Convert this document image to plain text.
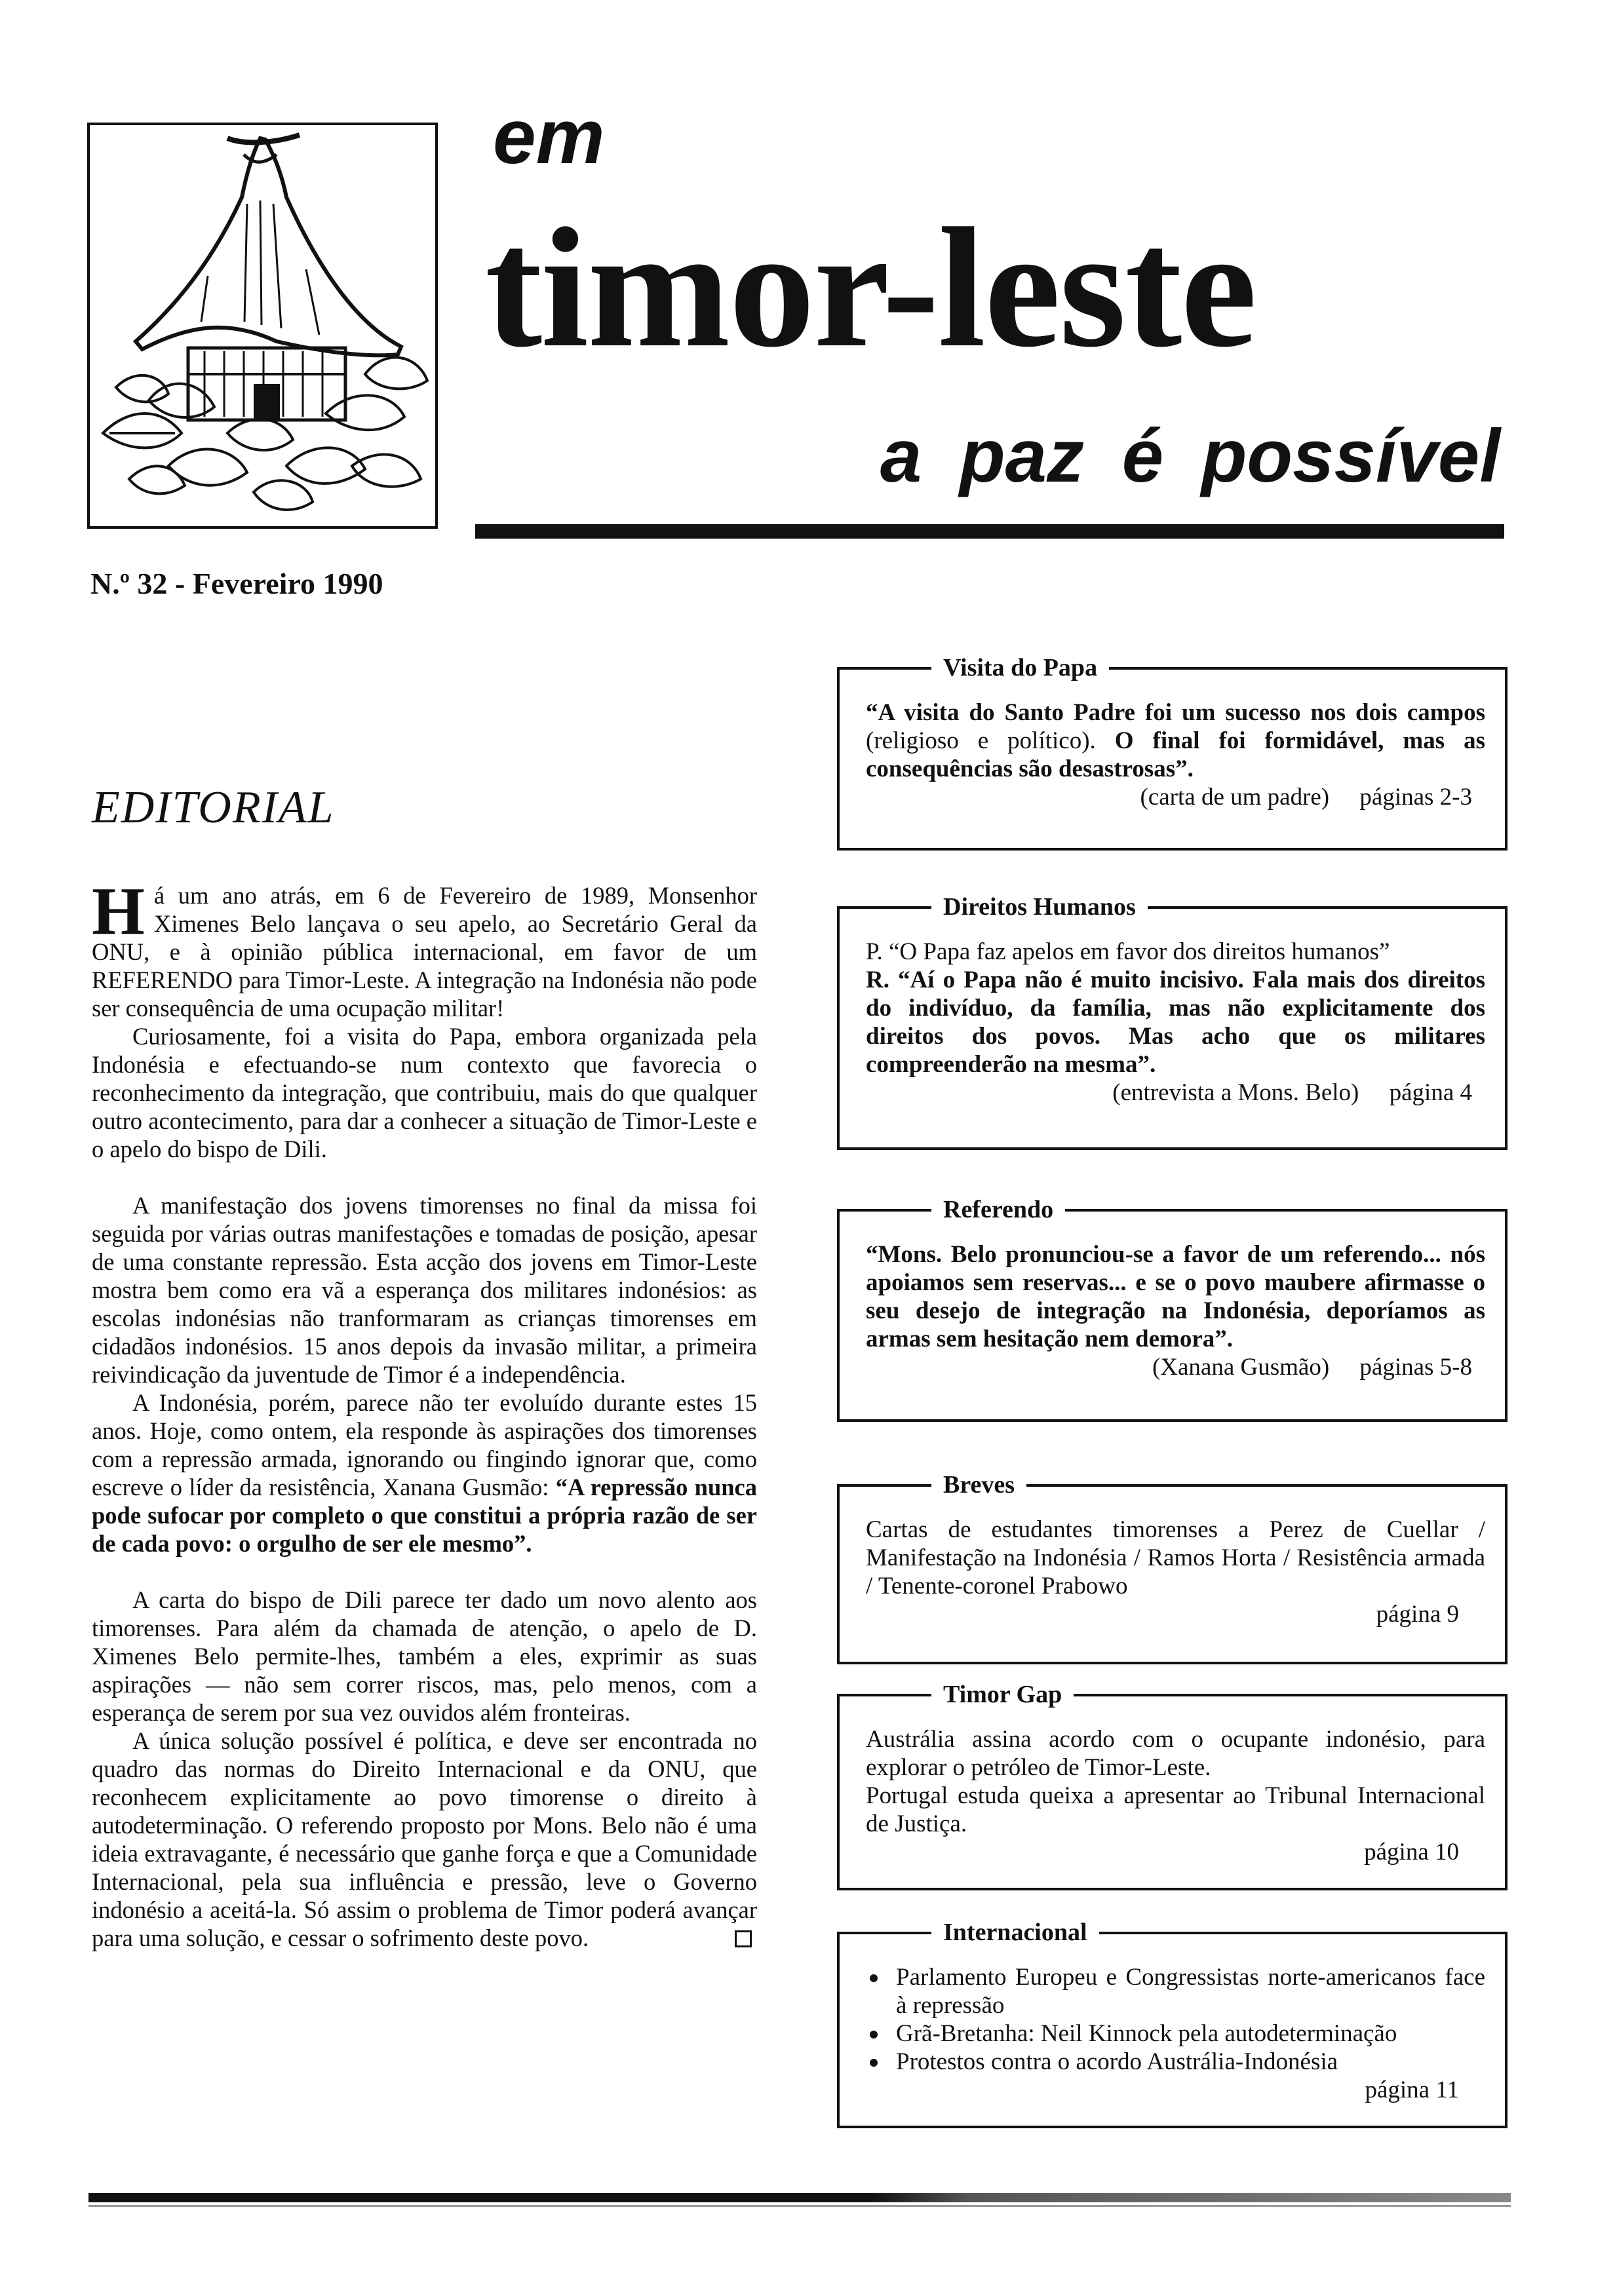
em
timor-leste
a paz é possível
N.º 32 - Fevereiro 1990
EDITORIAL

Há um ano atrás, em 6 de Fevereiro de 1989, Monsenhor Ximenes Belo lançava o seu apelo, ao Secretário Geral da ONU, e à opinião pública internacional, em favor de um REFERENDO para Timor-Leste. A integração na Indonésia não pode ser consequência de uma ocupação militar!

Curiosamente, foi a visita do Papa, embora organizada pela Indonésia e efectuando-se num contexto que favorecia o reconhecimento da integração, que contribuiu, mais do que qualquer outro acontecimento, para dar a conhecer a situação de Timor-Leste e o apelo do bispo de Dili.

A manifestação dos jovens timorenses no final da missa foi seguida por várias outras manifestações e tomadas de posição, apesar de uma constante repressão. Esta acção dos jovens em Timor-Leste mostra bem como era vã a esperança dos militares indonésios: as escolas indonésias não tranformaram as crianças timorenses em cidadãos indonésios. 15 anos depois da invasão militar, a primeira reivindicação da juventude de Timor é a independência.

A Indonésia, porém, parece não ter evoluído durante estes 15 anos. Hoje, como ontem, ela responde às aspirações dos timorenses com a repressão armada, ignorando ou fingindo ignorar que, como escreve o líder da resistência, Xanana Gusmão: “A repressão nunca pode sufocar por completo o que constitui a própria razão de ser de cada povo: o orgulho de ser ele mesmo”.

A carta do bispo de Dili parece ter dado um novo alento aos timorenses. Para além da chamada de atenção, o apelo de D. Ximenes Belo permite-lhes, também a eles, exprimir as suas aspirações — não sem correr riscos, mas, pelo menos, com a esperança de serem por sua vez ouvidos além fronteiras.

A única solução possível é política, e deve ser encontrada no quadro das normas do Direito Internacional e da ONU, que reconhecem explicitamente ao povo timorense o direito à autodeterminação. O referendo proposto por Mons. Belo não é uma ideia extravagante, é necessário que ganhe força e que a Comunidade Internacional, pela sua influência e pressão, leve o Governo indonésio a aceitá-la. Só assim o problema de Timor poderá avançar para uma solução, e cessar o sofrimento deste povo.

Visita do Papa

“A visita do Santo Padre foi um sucesso nos dois campos (religioso e político). O final foi formidável, mas as consequências são desastrosas”.

(carta de um padre) páginas 2-3

Direitos Humanos

P. “O Papa faz apelos em favor dos direitos humanos”

R. “Aí o Papa não é muito incisivo. Fala mais dos direitos do indivíduo, da família, mas não explicitamente dos direitos dos povos. Mas acho que os militares compreenderão na mesma”.

(entrevista a Mons. Belo) página 4

Referendo

“Mons. Belo pronunciou-se a favor de um referendo... nós apoiamos sem reservas... e se o povo maubere afirmasse o seu desejo de integração na Indonésia, deporíamos as armas sem hesitação nem demora”.

(Xanana Gusmão) páginas 5-8

Breves

Cartas de estudantes timorenses a Perez de Cuellar / Manifestação na Indonésia / Ramos Horta / Resistência armada / Tenente-coronel Prabowo

página 9

Timor Gap

Austrália assina acordo com o ocupante indonésio, para explorar o petróleo de Timor-Leste.

Portugal estuda queixa a apresentar ao Tribunal Internacional de Justiça.

página 10

Internacional
Parlamento Europeu e Congressistas norte-americanos face à repressão
Grã-Bretanha: Neil Kinnock pela autodeterminação
Protestos contra o acordo Austrália-Indonésia

página 11
